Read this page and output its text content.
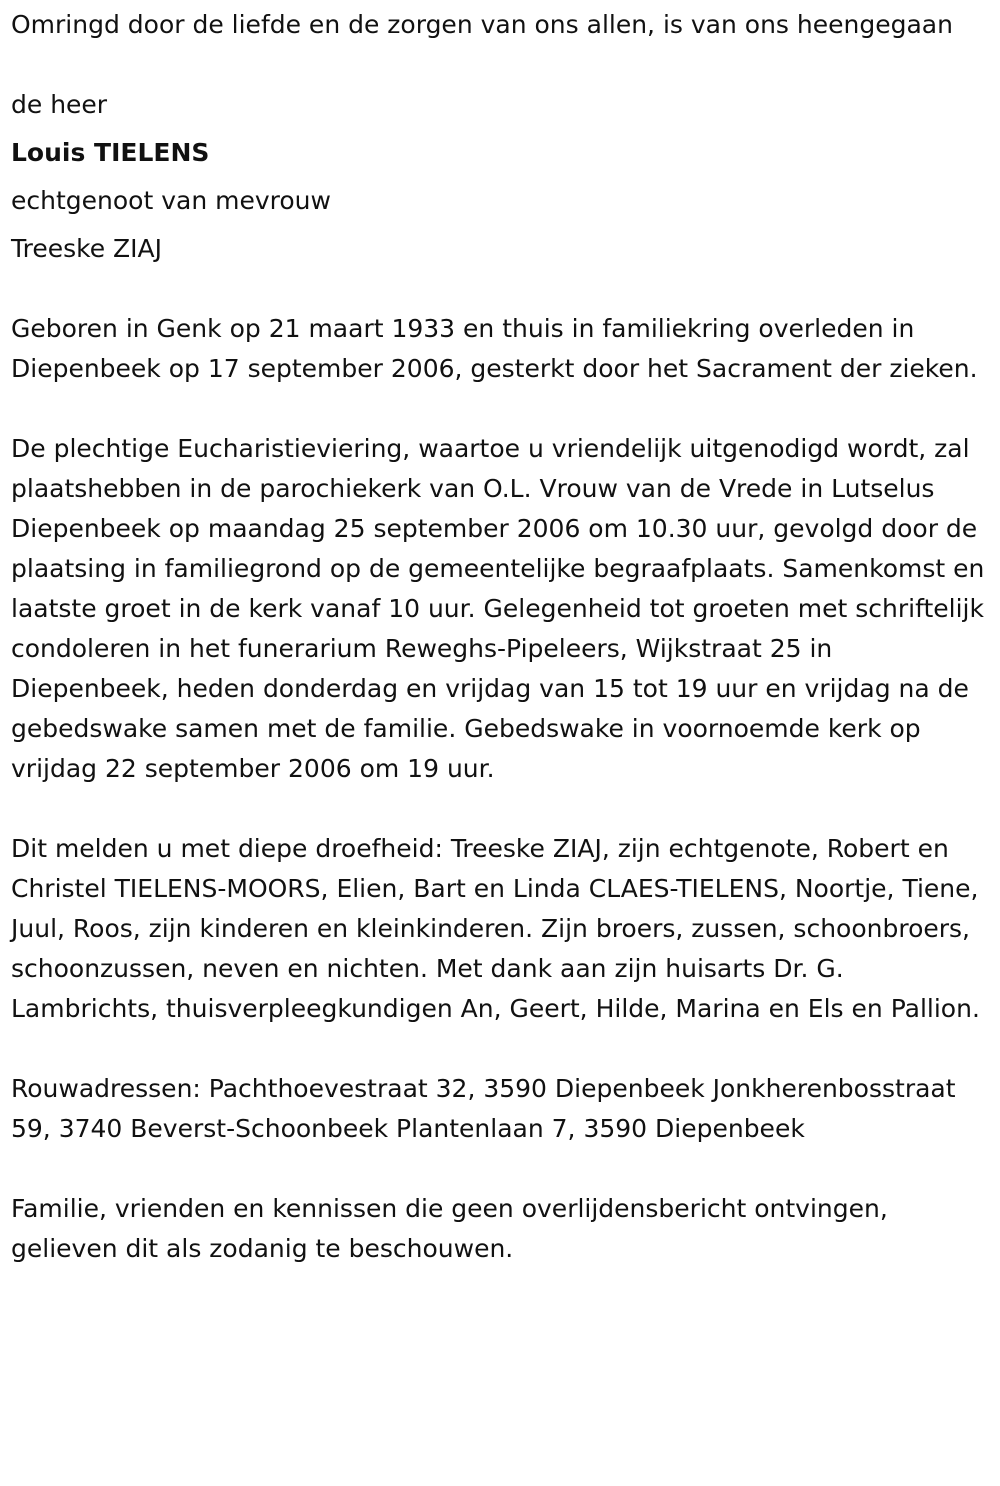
Omringd door de liefde en de zorgen van ons allen, is van ons heengegaan

de heer

Louis TIELENS

echtgenoot van mevrouw

Treeske ZIAJ

Geboren in Genk op 21 maart 1933 en thuis in familiekring overleden in Diepenbeek op 17 september 2006, gesterkt door het Sacrament der zieken.

De plechtige Eucharistieviering, waartoe u vriendelijk uitgenodigd wordt, zal plaatshebben in de parochiekerk van O.L. Vrouw van de Vrede in Lutselus Diepenbeek op maandag 25 september 2006 om 10.30 uur, gevolgd door de plaatsing in familiegrond op de gemeentelijke begraafplaats. Samenkomst en laatste groet in de kerk vanaf 10 uur. Gelegenheid tot groeten met schriftelijk condoleren in het funerarium Reweghs-Pipeleers, Wijkstraat 25 in Diepenbeek, heden donderdag en vrijdag van 15 tot 19 uur en vrijdag na de gebedswake samen met de familie. Gebedswake in voornoemde kerk op vrijdag 22 september 2006 om 19 uur.

Dit melden u met diepe droefheid: Treeske ZIAJ, zijn echtgenote, Robert en Christel TIELENS-MOORS, Elien, Bart en Linda CLAES-TIELENS, Noortje, Tiene, Juul, Roos, zijn kinderen en kleinkinderen. Zijn broers, zussen, schoonbroers, schoonzussen, neven en nichten. Met dank aan zijn huisarts Dr. G. Lambrichts, thuisverpleegkundigen An, Geert, Hilde, Marina en Els en Pallion.

Rouwadressen: Pachthoevestraat 32, 3590 Diepenbeek Jonkherenbosstraat 59, 3740 Beverst-Schoonbeek Plantenlaan 7, 3590 Diepenbeek

Familie, vrienden en kennissen die geen overlijdensbericht ontvingen, gelieven dit als zodanig te beschouwen.
